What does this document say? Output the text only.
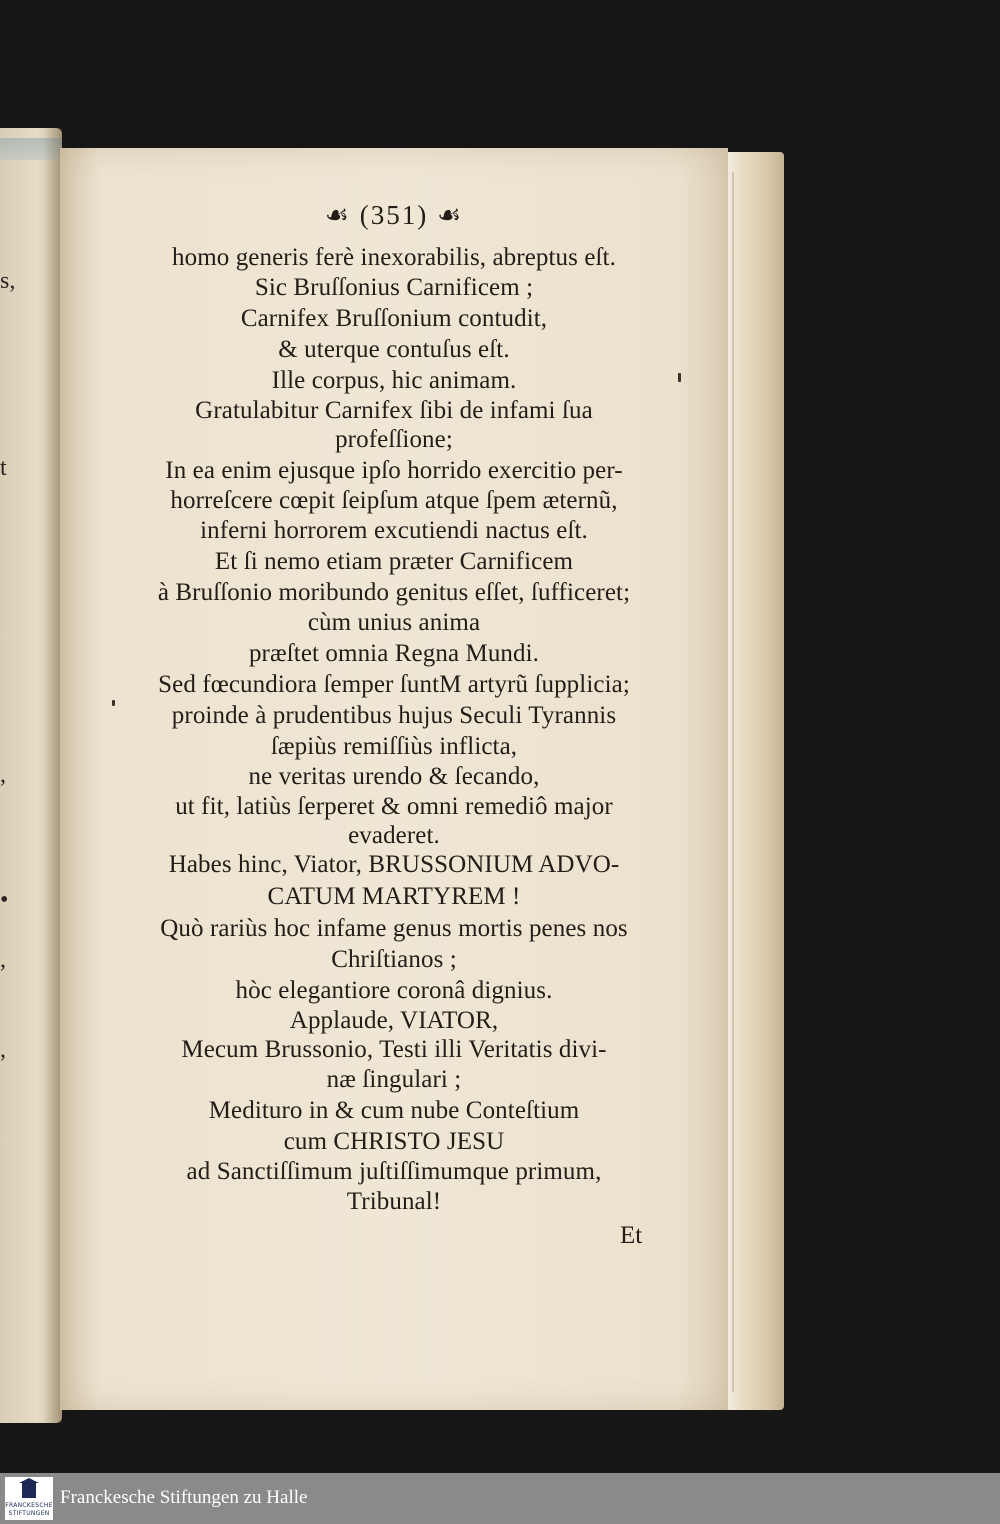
s,
t
,
•
,
,
☙ (351) ☙
homo generis ferè inexorabilis, abreptus eſt.
Sic Bruſſonius Carnificem ;
Carnifex Bruſſonium contudit,
& uterque contuſus eſt.
Ille corpus, hic animam.
Gratulabitur Carnifex ſibi de infami ſua
profeſſione;
In ea enim ejusque ipſo horrido exercitio per-
horreſcere cœpit ſeipſum atque ſpem æternũ,
inferni horrorem excutiendi nactus eſt.
Et ſi nemo etiam præter Carnificem
à Bruſſonio moribundo genitus eſſet, ſufficeret;
cùm unius anima
præſtet omnia Regna Mundi.
Sed fœcundiora ſemper ſuntM artyrũ ſupplicia;
proinde à prudentibus hujus Seculi Tyrannis
ſæpiùs remiſſiùs inflicta,
ne veritas urendo & ſecando,
ut fit, latiùs ſerperet & omni remediô major
evaderet.
Habes hinc, Viator, BRUSSONIUM ADVO-
CATUM MARTYREM !
Quò rariùs hoc infame genus mortis penes nos
Chriſtianos ;
hòc elegantiore coronâ dignius.
Applaude, VIATOR,
Mecum Brussonio, Testi illi Veritatis divi-
næ ſingulari ;
Medituro in & cum nube Conteſtium
cum CHRISTO JESU
ad Sanctiſſimum juſtiſſimumque primum,
Tribunal!
Et
FRANCKESCHE
STIFTUNGEN
Franckesche Stiftungen zu Halle
